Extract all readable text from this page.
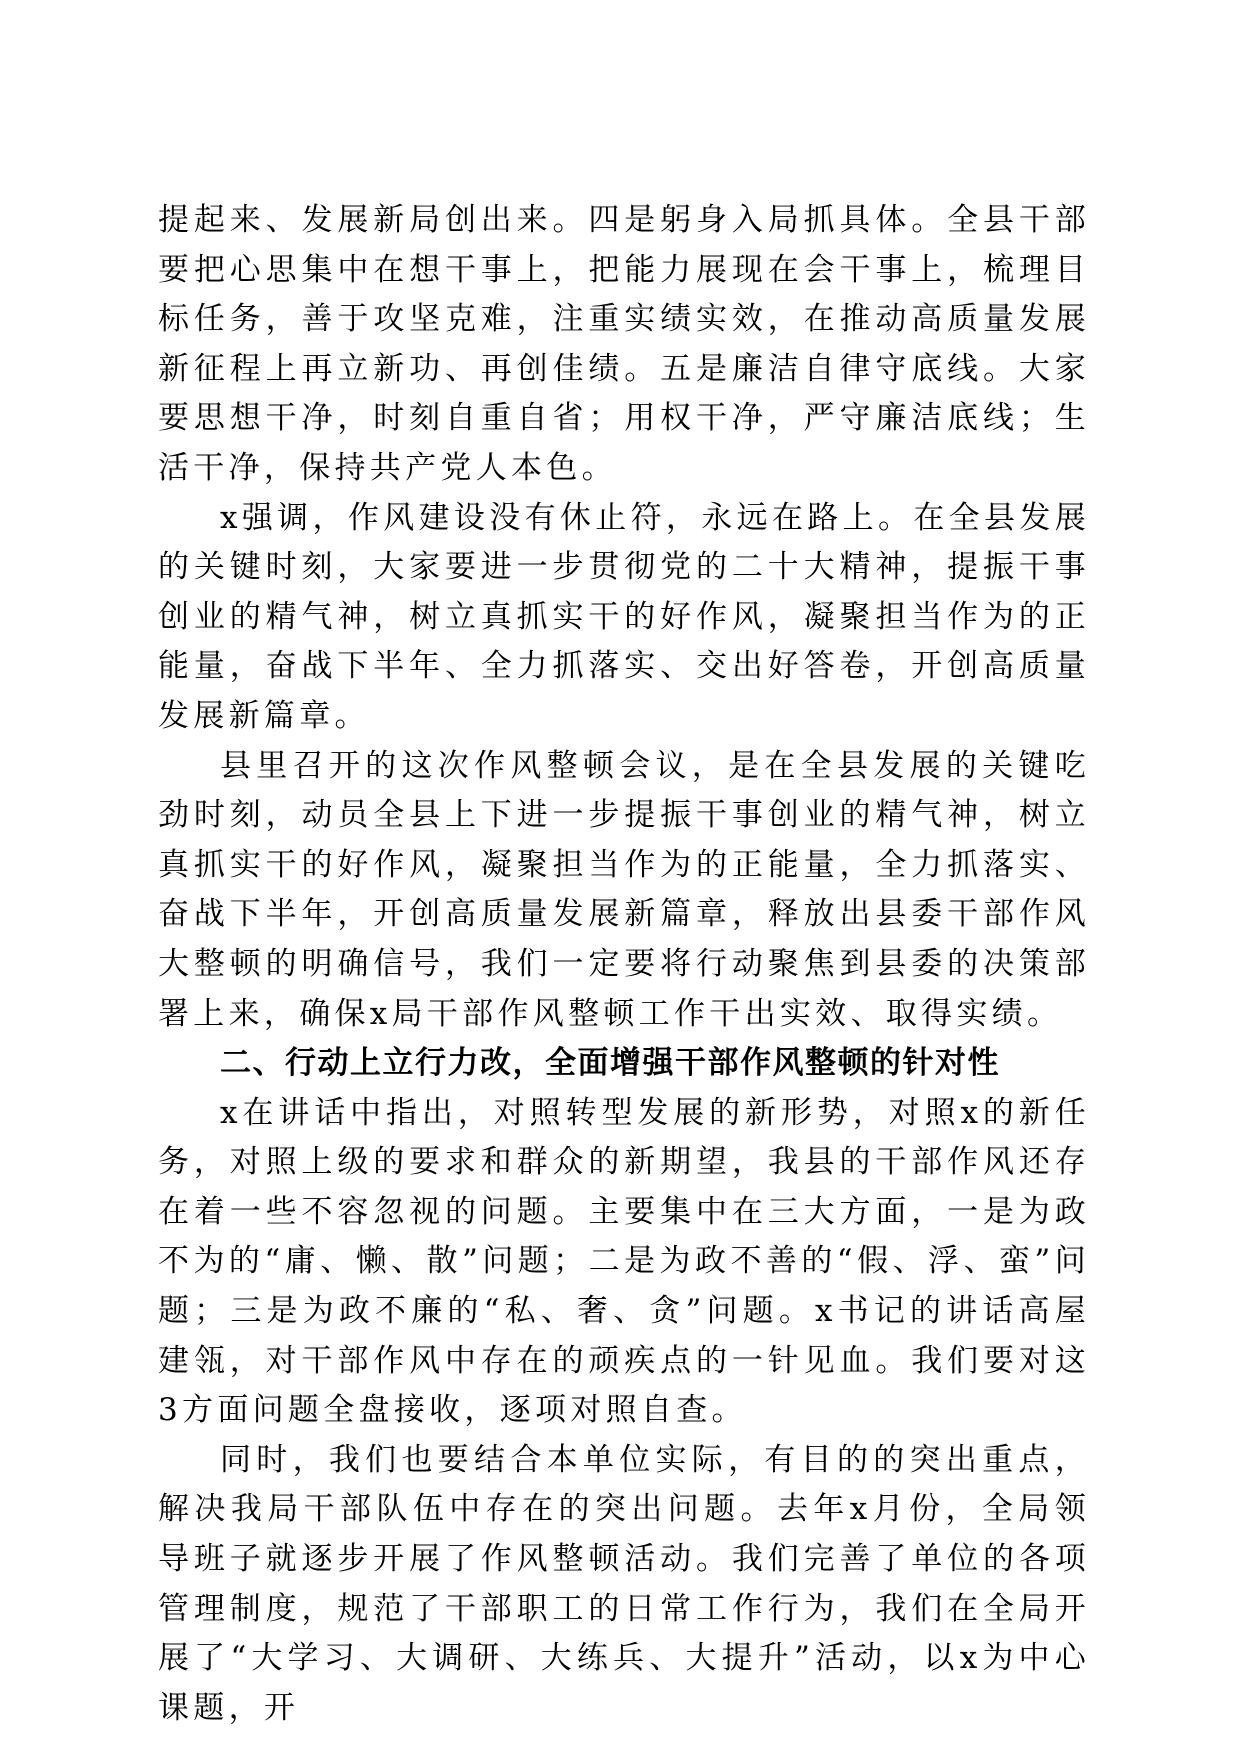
提起来、发展新局创出来。四是躬身入局抓具体。全县干部要把心思集中在想干事上，把能力展现在会干事上，梳理目标任务，善于攻坚克难，注重实绩实效，在推动高质量发展新征程上再立新功、再创佳绩。五是廉洁自律守底线。大家要思想干净，时刻自重自省；用权干净，严守廉洁底线；生活干净，保持共产党人本色。

x强调，作风建设没有休止符，永远在路上。在全县发展的关键时刻，大家要进一步贯彻党的二十大精神，提振干事创业的精气神，树立真抓实干的好作风，凝聚担当作为的正能量，奋战下半年、全力抓落实、交出好答卷，开创高质量发展新篇章。

县里召开的这次作风整顿会议，是在全县发展的关键吃劲时刻，动员全县上下进一步提振干事创业的精气神，树立真抓实干的好作风，凝聚担当作为的正能量，全力抓落实、奋战下半年，开创高质量发展新篇章，释放出县委干部作风大整顿的明确信号，我们一定要将行动聚焦到县委的决策部署上来，确保x局干部作风整顿工作干出实效、取得实绩。

二、行动上立行力改，全面增强干部作风整顿的针对性

x在讲话中指出，对照转型发展的新形势，对照x的新任务，对照上级的要求和群众的新期望，我县的干部作风还存在着一些不容忽视的问题。主要集中在三大方面，一是为政不为的“庸、懒、散”问题；二是为政不善的“假、浮、蛮”问题；三是为政不廉的“私、奢、贪”问题。x书记的讲话高屋建瓴，对干部作风中存在的顽疾点的一针见血。我们要对这3方面问题全盘接收，逐项对照自查。

同时，我们也要结合本单位实际，有目的的突出重点，解决我局干部队伍中存在的突出问题。去年x月份，全局领导班子就逐步开展了作风整顿活动。我们完善了单位的各项管理制度，规范了干部职工的日常工作行为，我们在全局开展了“大学习、大调研、大练兵、大提升”活动，以x为中心课题，开
